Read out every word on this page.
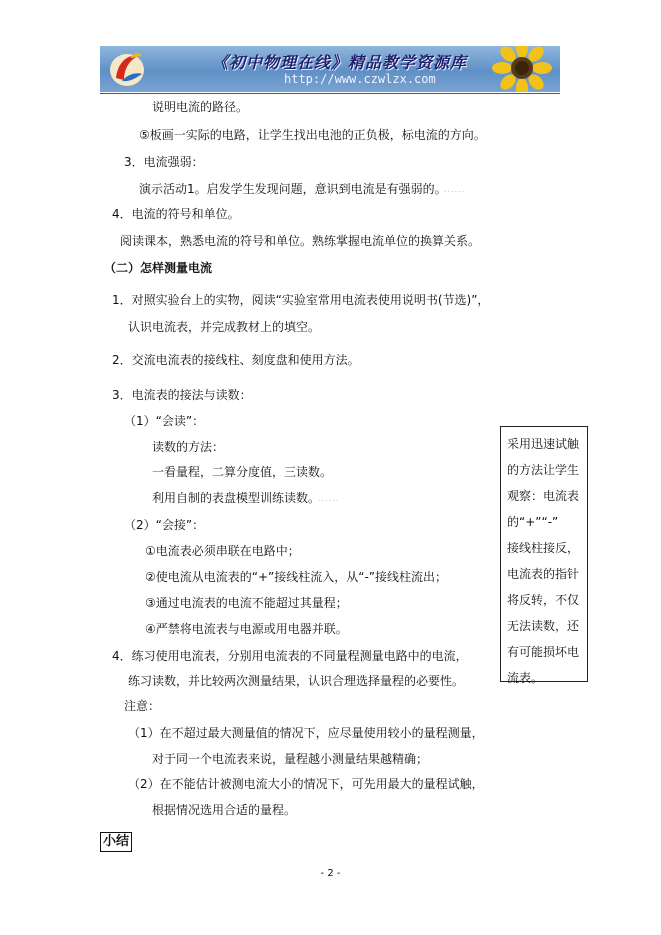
《初中物理在线》精品教学资源库
http://www.czwlzx.com
说明电流的路径。
⑤板画一实际的电路，让学生找出电池的正负极，标电流的方向。
3．电流强弱：
演示活动1。启发学生发现问题，意识到电流是有强弱的。
......
4．电流的符号和单位。
阅读课本，熟悉电流的符号和单位。熟练掌握电流单位的换算关系。
（二）怎样测量电流
1．对照实验台上的实物，阅读“实验室常用电流表使用说明书(节选)”，
认识电流表，并完成教材上的填空。
2．交流电流表的接线柱、刻度盘和使用方法。
3．电流表的接法与读数：
（1）“会读”：
读数的方法：
一看量程，二算分度值，三读数。
利用自制的表盘模型训练读数。
......
（2）“会接”：
①电流表必须串联在电路中；
②使电流从电流表的“+”接线柱流入，从“-”接线柱流出；
③通过电流表的电流不能超过其量程；
④严禁将电流表与电源或用电器并联。
4．练习使用电流表，分别用电流表的不同量程测量电路中的电流，
练习读数，并比较两次测量结果，认识合理选择量程的必要性。
注意：
（1）在不超过最大测量值的情况下，应尽量使用较小的量程测量，
对于同一个电流表来说，量程越小测量结果越精确；
（2）在不能估计被测电流大小的情况下，可先用最大的量程试触，
根据情况选用合适的量程。
采用迅速试触
的方法让学生
观察：电流表
的“+”“-”
接线柱接反，
电流表的指针
将反转，不仅
无法读数，还
有可能损坏电
流表。
小结
- 2 -
